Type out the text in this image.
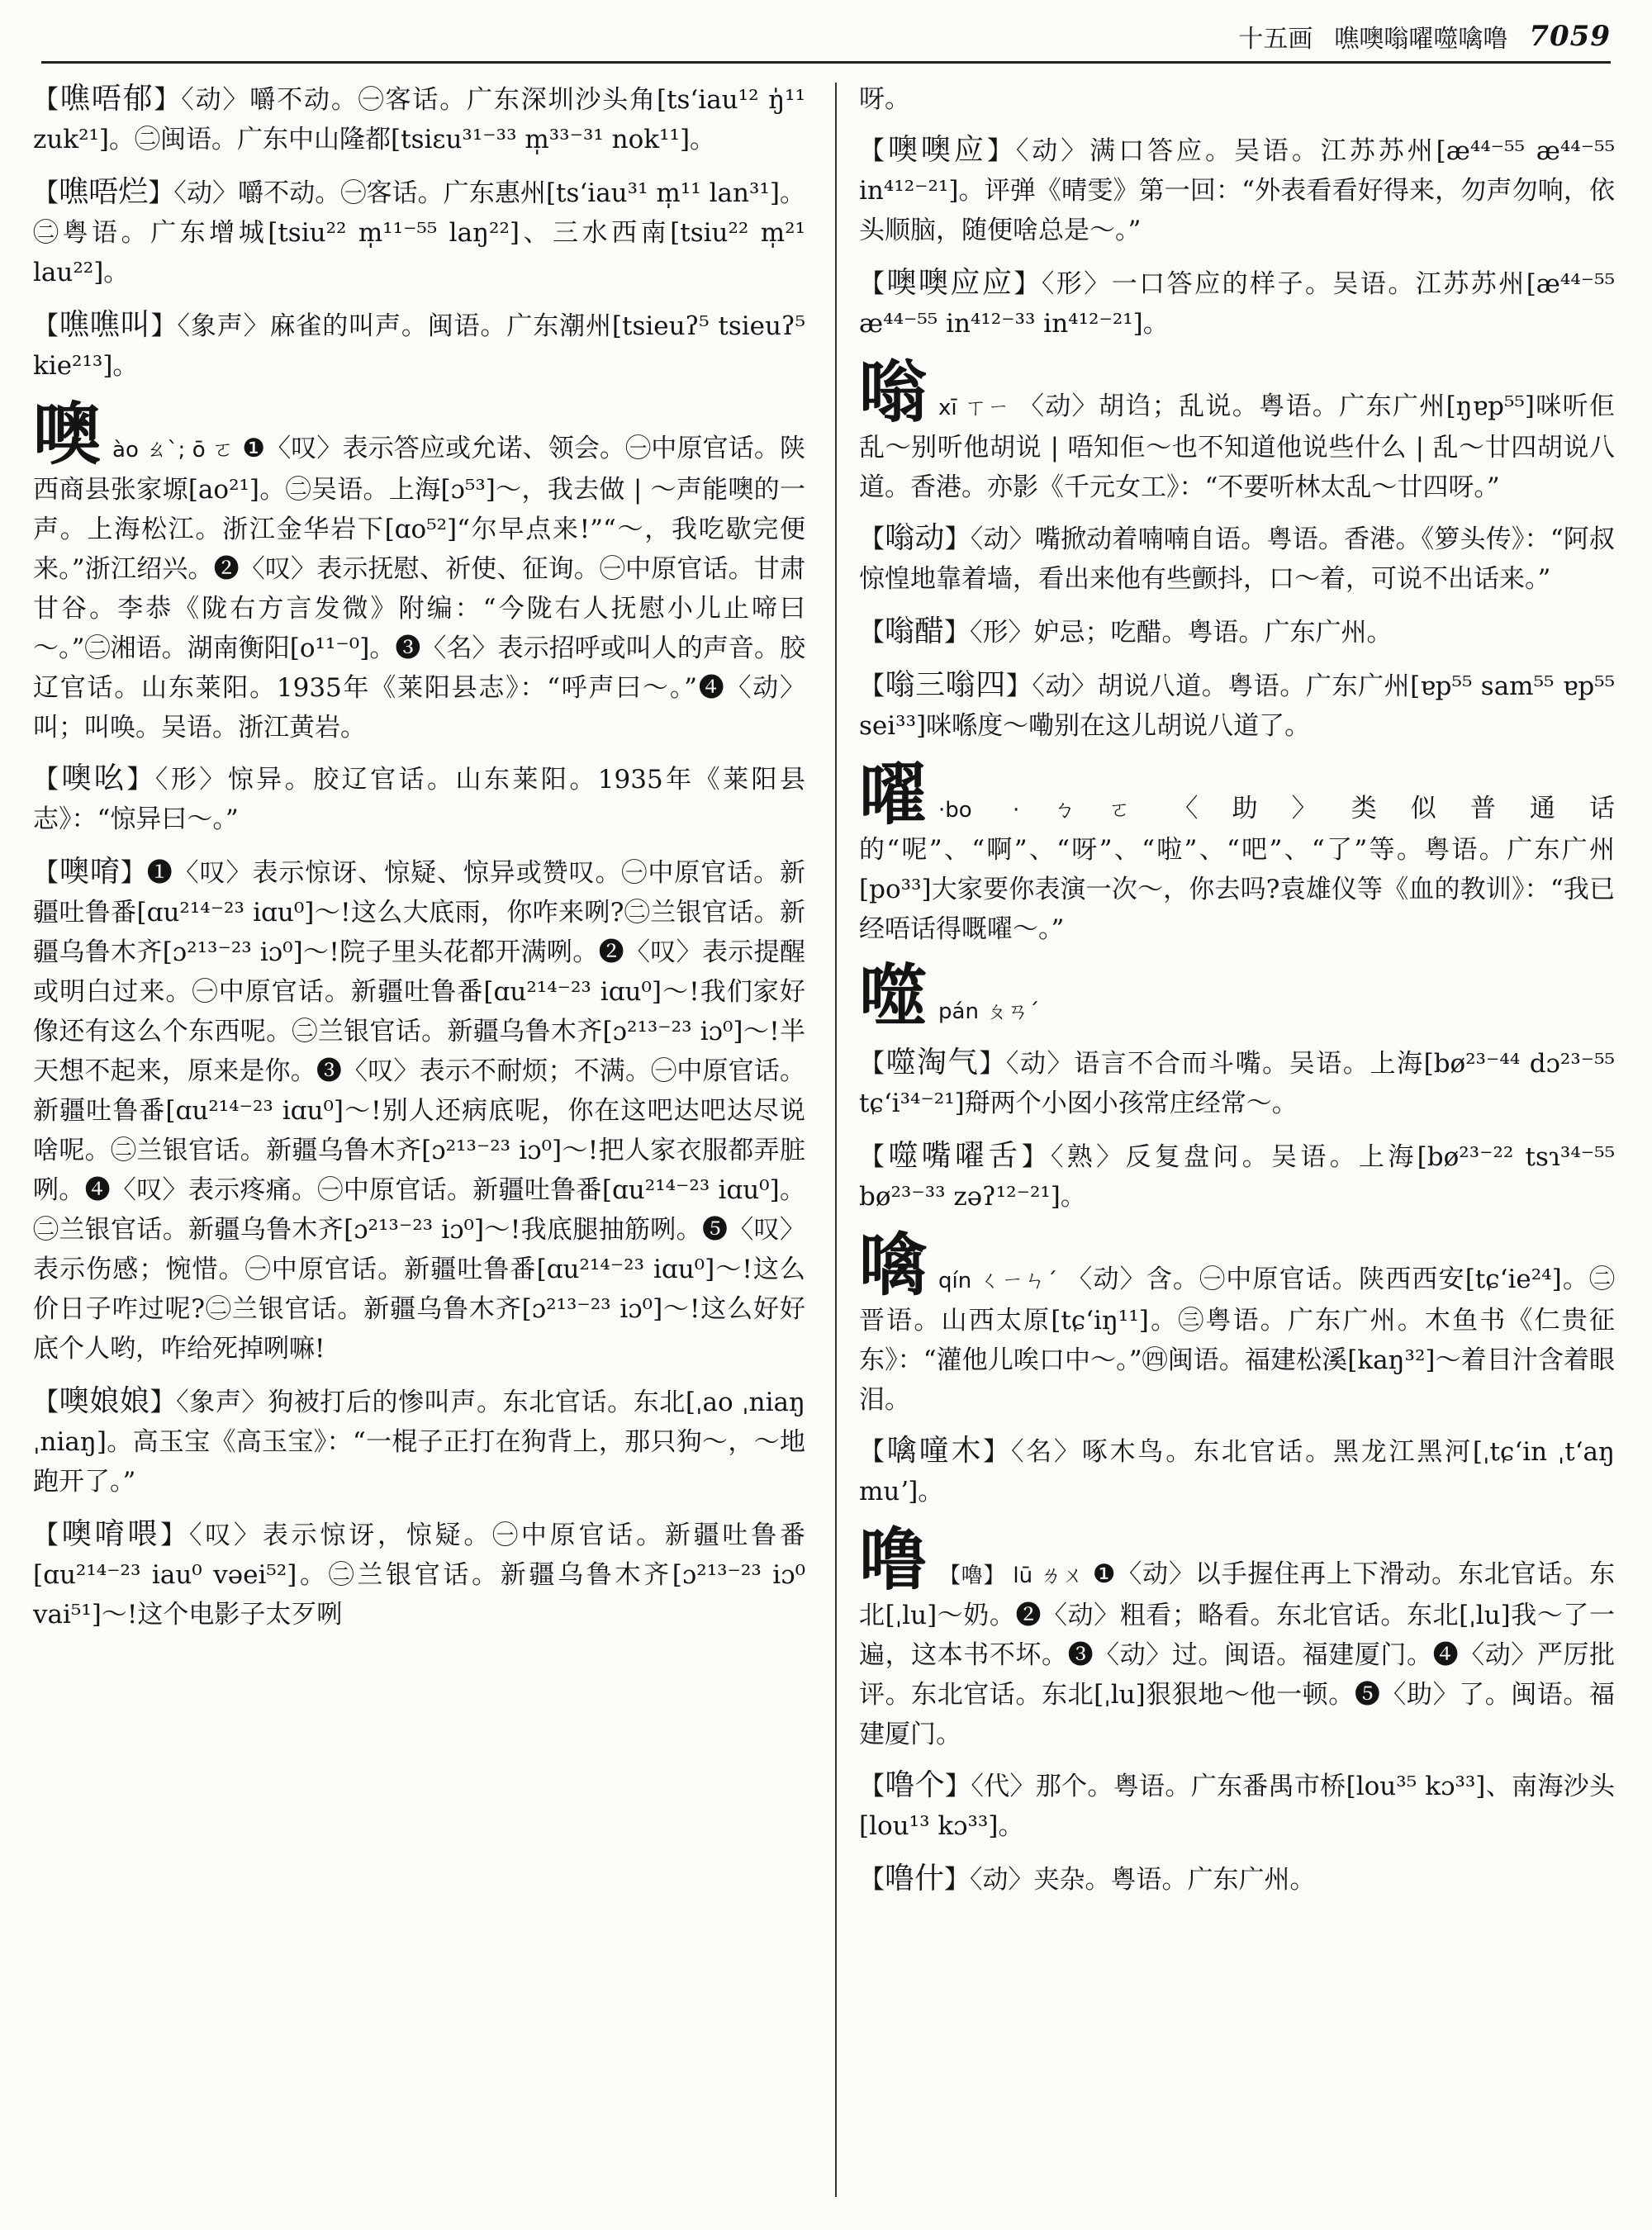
十五画 噍噢嗡嚁噬噙噜 7059

【噍唔郁】〈动〉嚼不动。㊀客话。广东深圳沙头角[tsʻiau¹² ŋ̍¹¹ zuk²¹]。㊁闽语。广东中山隆都[tsiɛu³¹⁻³³ m̩³³⁻³¹ nok¹¹]。

【噍唔烂】〈动〉嚼不动。㊀客话。广东惠州[tsʻiau³¹ m̩¹¹ lan³¹]。㊁粤语。广东增城[tsiu²² m̩¹¹⁻⁵⁵ laŋ²²]、三水西南[tsiu²² m̩²¹ lau²²]。

【噍噍叫】〈象声〉麻雀的叫声。闽语。广东潮州[tsieuʔ⁵ tsieuʔ⁵ kie²¹³]。

噢ào ㄠˋ; ō ㄛ ❶〈叹〉表示答应或允诺、领会。㊀中原官话。陕西商县张家塬[ao²¹]。㊁吴语。上海[ɔ⁵³]～，我去做 | ～声能噢的一声。上海松江。浙江金华岩下[ɑo⁵²]“尔早点来!”“～，我吃歇完便来。”浙江绍兴。❷〈叹〉表示抚慰、祈使、征询。㊀中原官话。甘肃甘谷。李恭《陇右方言发微》附编：“今陇右人抚慰小儿止啼曰～。”㊁湘语。湖南衡阳[o¹¹⁻⁰]。❸〈名〉表示招呼或叫人的声音。胶辽官话。山东莱阳。1935年《莱阳县志》：“呼声曰～。”❹〈动〉叫；叫唤。吴语。浙江黄岩。

【噢吆】〈形〉惊异。胶辽官话。山东莱阳。1935年《莱阳县志》：“惊异曰～。”

【噢唷】❶〈叹〉表示惊讶、惊疑、惊异或赞叹。㊀中原官话。新疆吐鲁番[ɑu²¹⁴⁻²³ iɑu⁰]～!这么大底雨，你咋来咧?㊁兰银官话。新疆乌鲁木齐[ɔ²¹³⁻²³ iɔ⁰]～!院子里头花都开满咧。❷〈叹〉表示提醒或明白过来。㊀中原官话。新疆吐鲁番[ɑu²¹⁴⁻²³ iɑu⁰]～!我们家好像还有这么个东西呢。㊁兰银官话。新疆乌鲁木齐[ɔ²¹³⁻²³ iɔ⁰]～!半天想不起来，原来是你。❸〈叹〉表示不耐烦；不满。㊀中原官话。新疆吐鲁番[ɑu²¹⁴⁻²³ iɑu⁰]～!别人还病底呢，你在这吧达吧达尽说啥呢。㊁兰银官话。新疆乌鲁木齐[ɔ²¹³⁻²³ iɔ⁰]～!把人家衣服都弄脏咧。❹〈叹〉表示疼痛。㊀中原官话。新疆吐鲁番[ɑu²¹⁴⁻²³ iɑu⁰]。㊁兰银官话。新疆乌鲁木齐[ɔ²¹³⁻²³ iɔ⁰]～!我底腿抽筋咧。❺〈叹〉表示伤感；惋惜。㊀中原官话。新疆吐鲁番[ɑu²¹⁴⁻²³ iɑu⁰]～!这么价日子咋过呢?㊁兰银官话。新疆乌鲁木齐[ɔ²¹³⁻²³ iɔ⁰]～!这么好好底个人哟，咋给死掉咧嘛!

【噢娘娘】〈象声〉狗被打后的惨叫声。东北官话。东北[ˌao ˌniaŋ ˌniaŋ]。高玉宝《高玉宝》：“一棍子正打在狗背上，那只狗～，～地跑开了。”

【噢唷喂】〈叹〉表示惊讶，惊疑。㊀中原官话。新疆吐鲁番[ɑu²¹⁴⁻²³ iau⁰ vəei⁵²]。㊁兰银官话。新疆乌鲁木齐[ɔ²¹³⁻²³ iɔ⁰ vai⁵¹]～!这个电影子太歹咧

呀。

【噢噢应】〈动〉满口答应。吴语。江苏苏州[æ⁴⁴⁻⁵⁵ æ⁴⁴⁻⁵⁵ in⁴¹²⁻²¹]。评弹《晴雯》第一回：“外表看看好得来，勿声勿响，依头顺脑，随便啥总是～。”

【噢噢应应】〈形〉一口答应的样子。吴语。江苏苏州[æ⁴⁴⁻⁵⁵ æ⁴⁴⁻⁵⁵ in⁴¹²⁻³³ in⁴¹²⁻²¹]。

嗡xī ㄒㄧ 〈动〉胡诌；乱说。粤语。广东广州[ŋɐp⁵⁵]咪听佢乱～别听他胡说 | 唔知佢～也不知道他说些什么 | 乱～廿四胡说八道。香港。亦影《千元女工》：“不要听林太乱～廿四呀。”

【嗡动】〈动〉嘴掀动着喃喃自语。粤语。香港。《箩头传》：“阿叔惊惶地靠着墙，看出来他有些颤抖，口～着，可说不出话来。”

【嗡醋】〈形〉妒忌；吃醋。粤语。广东广州。

【嗡三嗡四】〈动〉胡说八道。粤语。广东广州[ɐp⁵⁵ sam⁵⁵ ɐp⁵⁵ sei³³]咪喺度～嘞别在这儿胡说八道了。

嚁 ·bo ·ㄅㄛ 〈助〉类似普通话的“呢”、“啊”、“呀”、“啦”、“吧”、“了”等。粤语。广东广州[po³³]大家要你表演一次～，你去吗?袁雄仪等《血的教训》：“我已经唔话得嘅嚁～。”

噬pán ㄆㄢˊ

【噬淘气】〈动〉语言不合而斗嘴。吴语。上海[bø²³⁻⁴⁴ dɔ²³⁻⁵⁵ tɕʻi³⁴⁻²¹]搿两个小囡小孩常庄经常～。

【噬嘴嚁舌】〈熟〉反复盘问。吴语。上海[bø²³⁻²² tsɿ³⁴⁻⁵⁵ bø²³⁻³³ zəʔ¹²⁻²¹]。

噙qín ㄑㄧㄣˊ 〈动〉含。㊀中原官话。陕西西安[tɕʻie²⁴]。㊁晋语。山西太原[tɕʻiŋ¹¹]。㊂粤语。广东广州。木鱼书《仁贵征东》：“灌他儿唉口中～。”㊃闽语。福建松溪[kaŋ³²]～着目汁含着眼泪。

【噙噇木】〈名〉啄木鸟。东北官话。黑龙江黑河[ˌtɕʻin ˌtʻaŋ muʼ]。

噜 【嚕】 lū ㄌㄨ ❶〈动〉以手握住再上下滑动。东北官话。东北[ˌlu]～奶。❷〈动〉粗看；略看。东北官话。东北[ˌlu]我～了一遍，这本书不坏。❸〈动〉过。闽语。福建厦门。❹〈动〉严厉批评。东北官话。东北[ˌlu]狠狠地～他一顿。❺〈助〉了。闽语。福建厦门。

【噜个】〈代〉那个。粤语。广东番禺市桥[lou³⁵ kɔ³³]、南海沙头[lou¹³ kɔ³³]。

【噜什】〈动〉夹杂。粤语。广东广州。
